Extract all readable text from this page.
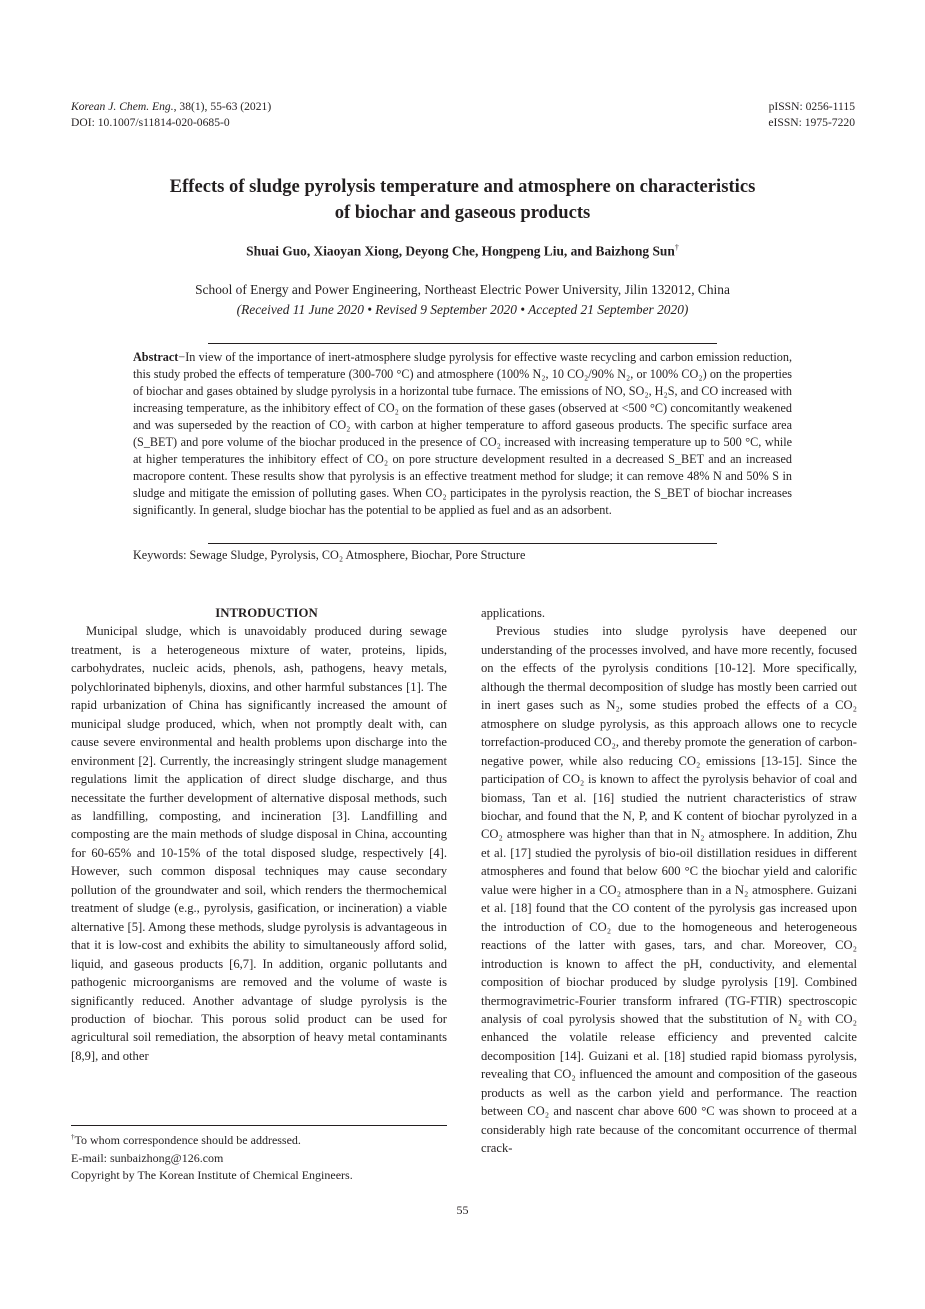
Korean J. Chem. Eng., 38(1), 55-63 (2021)
DOI: 10.1007/s11814-020-0685-0
pISSN: 0256-1115
eISSN: 1975-7220
Effects of sludge pyrolysis temperature and atmosphere on characteristics
of biochar and gaseous products
Shuai Guo, Xiaoyan Xiong, Deyong Che, Hongpeng Liu, and Baizhong Sun†
School of Energy and Power Engineering, Northeast Electric Power University, Jilin 132012, China
(Received 11 June 2020 • Revised 9 September 2020 • Accepted 21 September 2020)
Abstract−In view of the importance of inert-atmosphere sludge pyrolysis for effective waste recycling and carbon emission reduction, this study probed the effects of temperature (300-700 °C) and atmosphere (100% N₂, 10 CO₂/90% N₂, or 100% CO₂) on the properties of biochar and gases obtained by sludge pyrolysis in a horizontal tube furnace. The emissions of NO, SO₂, H₂S, and CO increased with increasing temperature, as the inhibitory effect of CO₂ on the formation of these gases (observed at <500 °C) concomitantly weakened and was superseded by the reaction of CO₂ with carbon at higher temperature to afford gaseous products. The specific surface area (S_BET) and pore volume of the biochar produced in the presence of CO₂ increased with increasing temperature up to 500 °C, while at higher temperatures the inhibitory effect of CO₂ on pore structure development resulted in a decreased S_BET and an increased macropore content. These results show that pyrolysis is an effective treatment method for sludge; it can remove 48% N and 50% S in sludge and mitigate the emission of polluting gases. When CO₂ participates in the pyrolysis reaction, the S_BET of biochar increases significantly. In general, sludge biochar has the potential to be applied as fuel and as an adsorbent.
Keywords: Sewage Sludge, Pyrolysis, CO₂ Atmosphere, Biochar, Pore Structure

INTRODUCTION

Municipal sludge, which is unavoidably produced during sewage treatment, is a heterogeneous mixture of water, proteins, lipids, carbohydrates, nucleic acids, phenols, ash, pathogens, heavy metals, polychlorinated biphenyls, dioxins, and other harmful substances [1]. The rapid urbanization of China has significantly increased the amount of municipal sludge produced, which, when not promptly dealt with, can cause severe environmental and health problems upon discharge into the environment [2]. Currently, the increasingly stringent sludge management regulations limit the application of direct sludge discharge, and thus necessitate the further development of alternative disposal methods, such as landfilling, composting, and incineration [3]. Landfilling and composting are the main methods of sludge disposal in China, accounting for 60-65% and 10-15% of the total disposed sludge, respectively [4]. However, such common disposal techniques may cause secondary pollution of the groundwater and soil, which renders the thermochemical treatment of sludge (e.g., pyrolysis, gasification, or incineration) a viable alternative [5]. Among these methods, sludge pyrolysis is advantageous in that it is low-cost and exhibits the ability to simultaneously afford solid, liquid, and gaseous products [6,7]. In addition, organic pollutants and pathogenic microorganisms are removed and the volume of waste is significantly reduced. Another advantage of sludge pyrolysis is the production of biochar. This porous solid product can be used for agricultural soil remediation, the absorption of heavy metal contaminants [8,9], and other

applications.

Previous studies into sludge pyrolysis have deepened our understanding of the processes involved, and have more recently, focused on the effects of the pyrolysis conditions [10-12]. More specifically, although the thermal decomposition of sludge has mostly been carried out in inert gases such as N₂, some studies probed the effects of a CO₂ atmosphere on sludge pyrolysis, as this approach allows one to recycle torrefaction-produced CO₂, and thereby promote the generation of carbon-negative power, while also reducing CO₂ emissions [13-15]. Since the participation of CO₂ is known to affect the pyrolysis behavior of coal and biomass, Tan et al. [16] studied the nutrient characteristics of straw biochar, and found that the N, P, and K content of biochar pyrolyzed in a CO₂ atmosphere was higher than that in N₂ atmosphere. In addition, Zhu et al. [17] studied the pyrolysis of bio-oil distillation residues in different atmospheres and found that below 600 °C the biochar yield and calorific value were higher in a CO₂ atmosphere than in a N₂ atmosphere. Guizani et al. [18] found that the CO content of the pyrolysis gas increased upon the introduction of CO₂ due to the homogeneous and heterogeneous reactions of the latter with gases, tars, and char. Moreover, CO₂ introduction is known to affect the pH, conductivity, and elemental composition of biochar produced by sludge pyrolysis [19]. Combined thermogravimetric-Fourier transform infrared (TG-FTIR) spectroscopic analysis of coal pyrolysis showed that the substitution of N₂ with CO₂ enhanced the volatile release efficiency and prevented calcite decomposition [14]. Guizani et al. [18] studied rapid biomass pyrolysis, revealing that CO₂ influenced the amount and composition of the gaseous products as well as the carbon yield and performance. The reaction between CO₂ and nascent char above 600 °C was shown to proceed at a considerably high rate because of the concomitant occurrence of thermal crack-

†To whom correspondence should be addressed.
E-mail: sunbaizhong@126.com
Copyright by The Korean Institute of Chemical Engineers.
55
